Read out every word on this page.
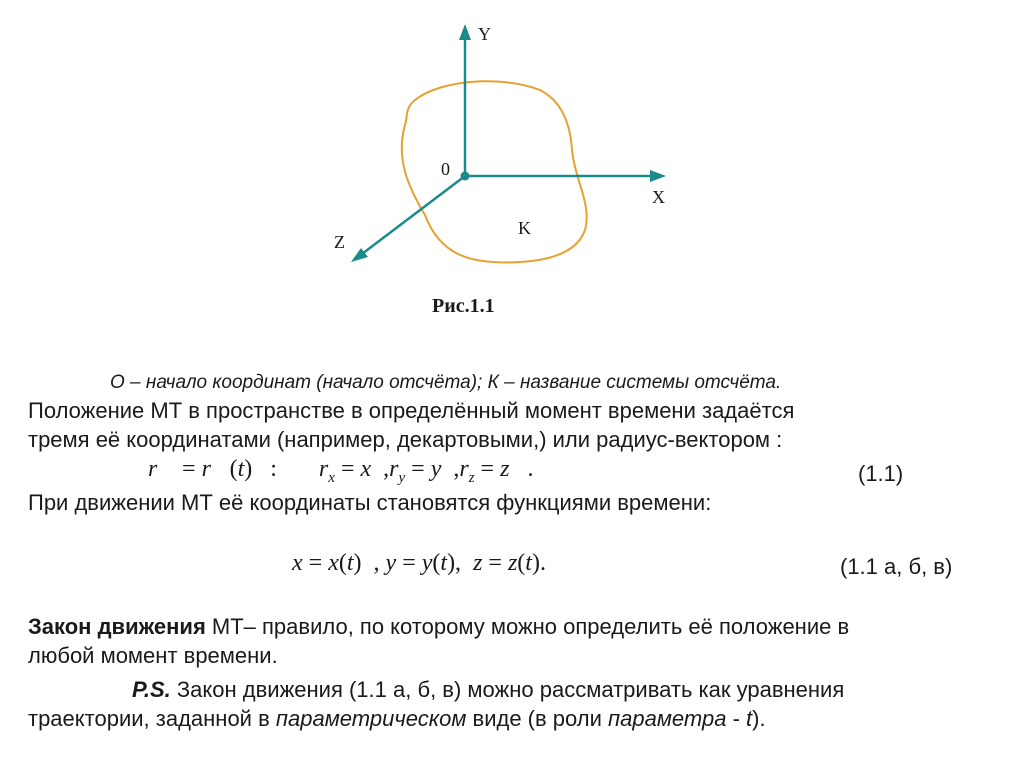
Y
X
Z
0
K
Рис.1.1
О – начало координат (начало отсчёта); К – название системы отсчёта.
Положение МТ в пространстве в определённый момент времени задаётся
тремя её координатами (например, декартовыми,) или радиус-вектором :
r⃗ = r⃗(t)   :       $r_x = x$  $,r_y = y$  $,r_z = z$   .	(1.1)
При движении МТ её координаты становятся функциями времени:
x = x(t)  , y = y(t),  z = z(t).	(1.1 а, б, в)
Закон движения МТ– правило, по которому можно определить её положение в
любой момент времени.
P.S. Закон движения (1.1 а, б, в) можно рассматривать как уравнения
траектории, заданной в параметрическом виде (в роли параметра - t).
